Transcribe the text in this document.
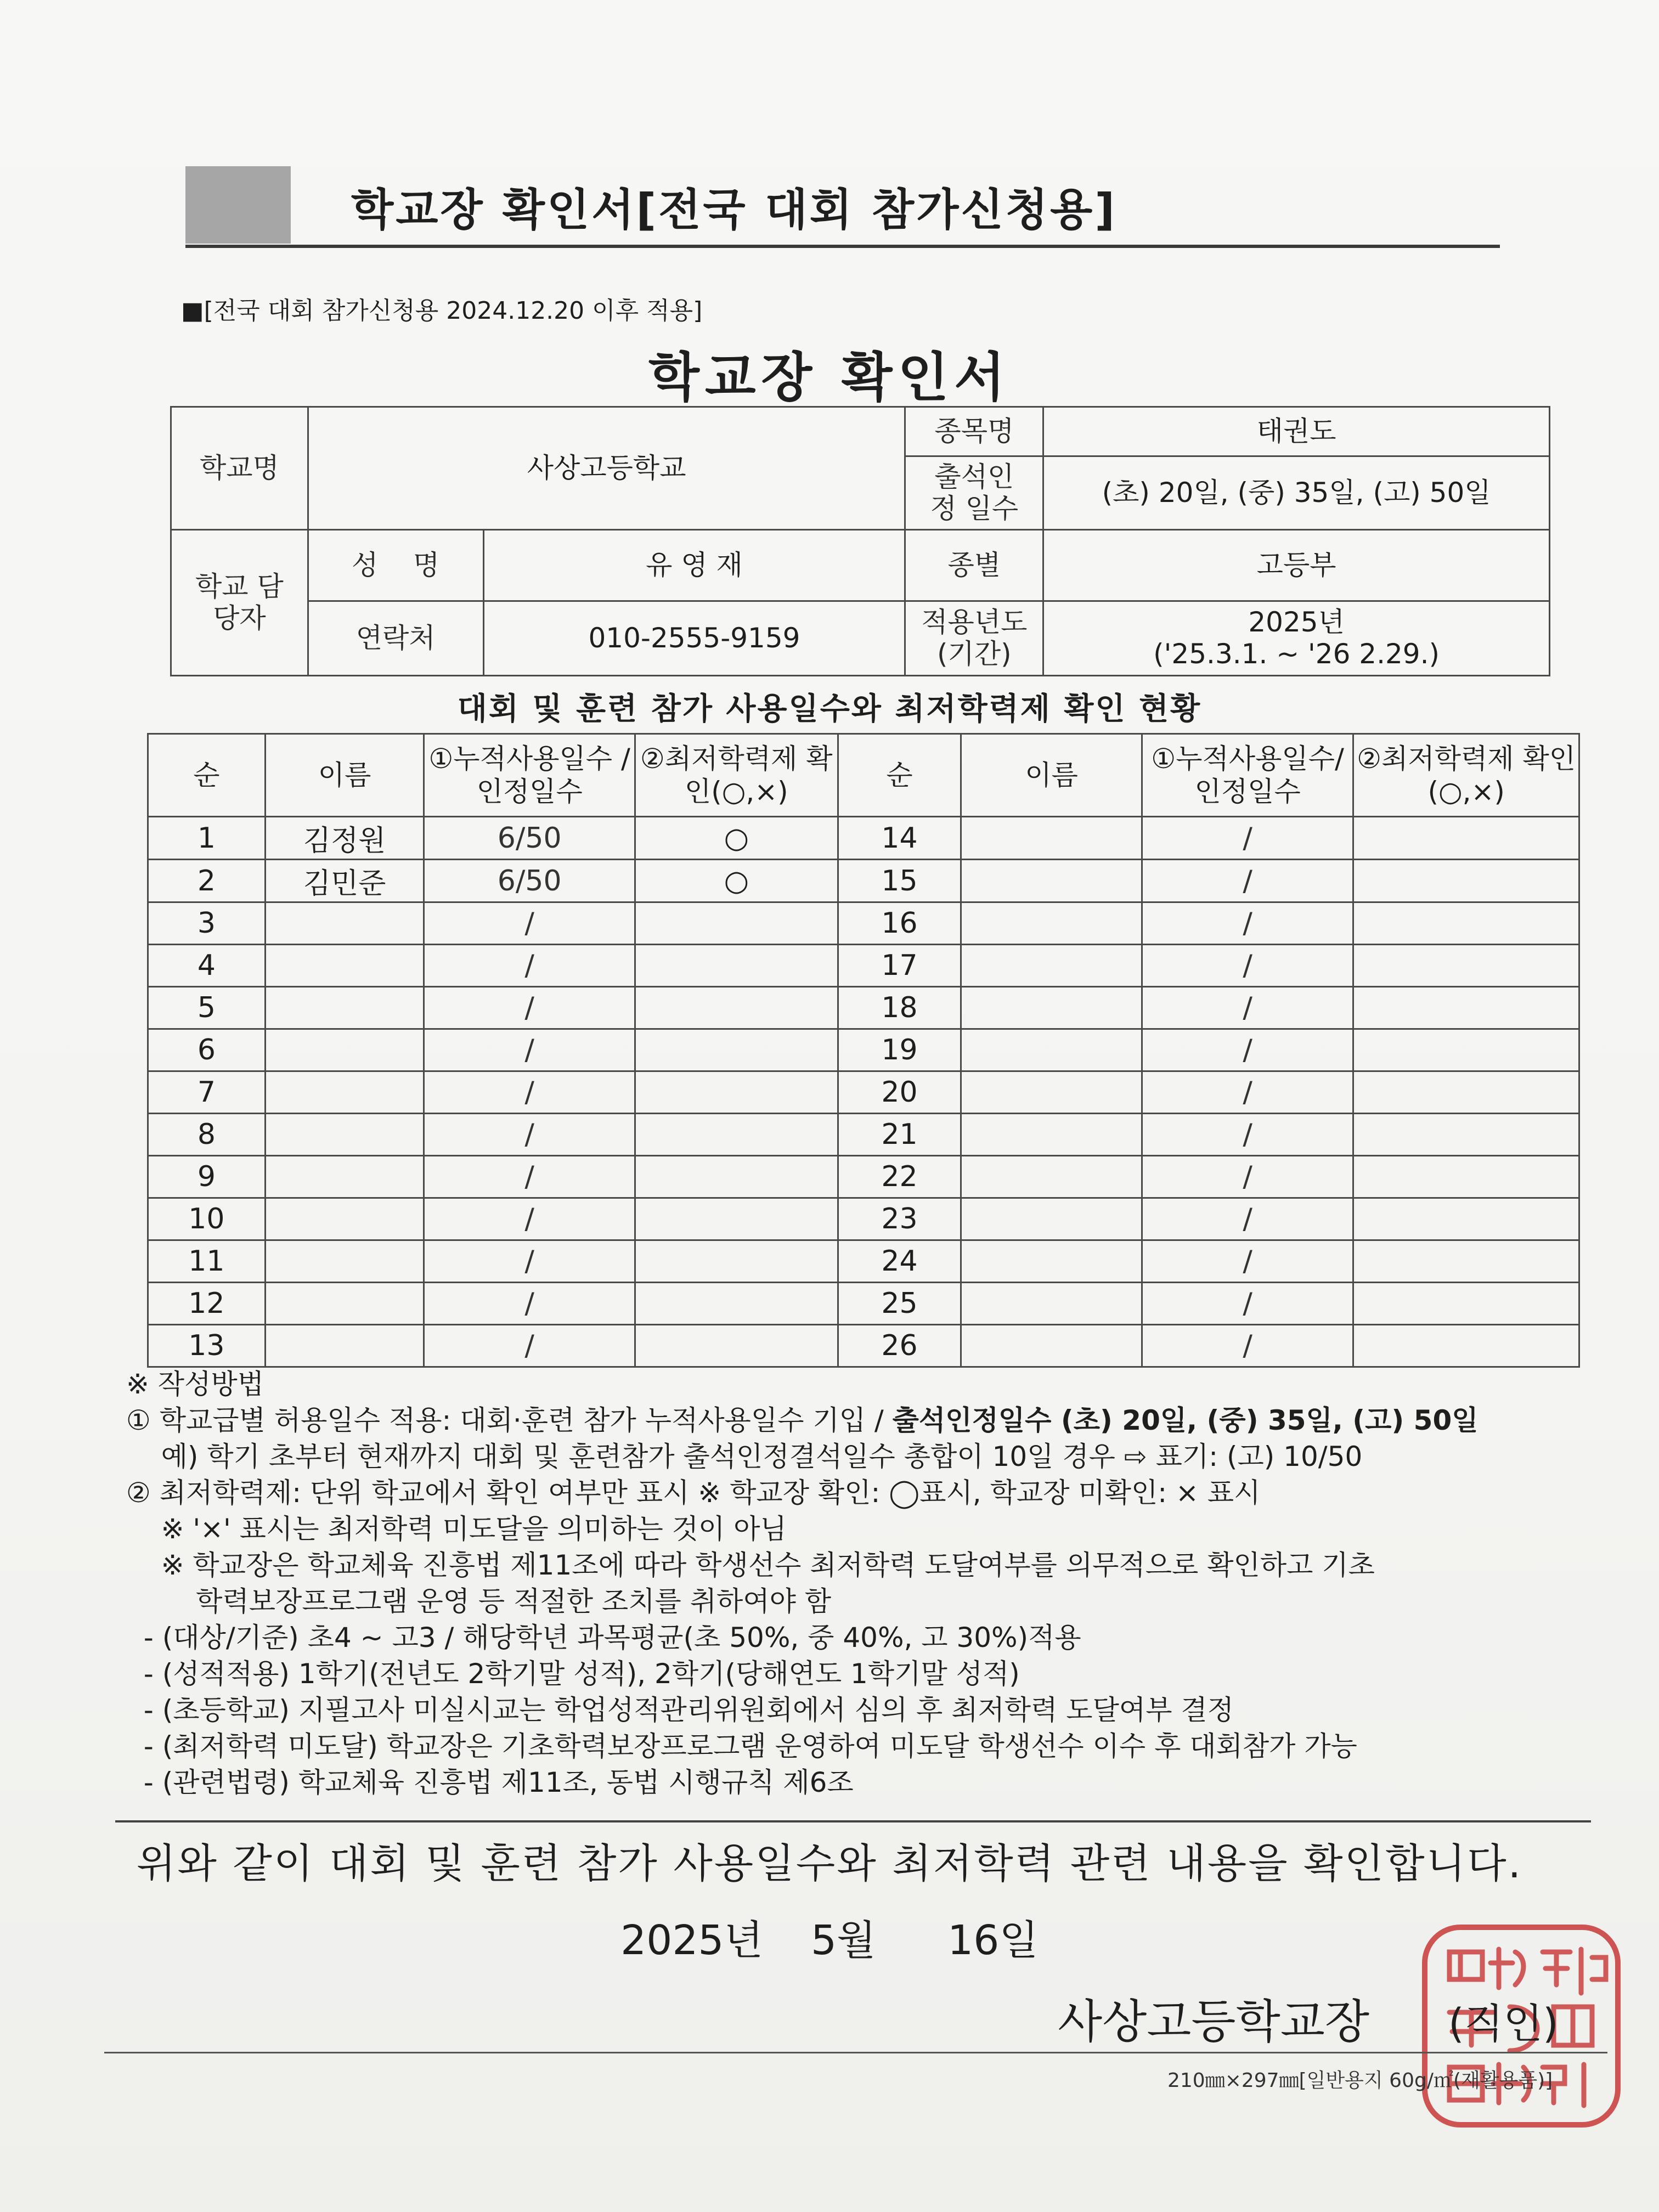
학교장 확인서[전국 대회 참가신청용]
■[전국 대회 참가신청용 2024.12.20 이후 적용]
학교장 확인서
학교명	사상고등학교		종목명	태권도
			출석인정 일수	(초) 20일, (중) 35일, (고) 50일
학교 담당자	성    명	유 영 재	종별	고등부
	연락처	010-2555-9159	적용년도 (기간)	2025년
('25.3.1. ~ '26 2.29.)
대회 및 훈련 참가 사용일수와 최저학력제 확인 현황
순	이름	①누적사용일수 /인정일수	②최저학력제 확인(○,×)	순	이름	①누적사용일수/ 인정일수	②최저학력제 확인(○,×)
1	김정원	6/50	○	14		/	
2	김민준	6/50	○	15		/	
3		/		16		/	
4		/		17		/	
5		/		18		/	
6		/		19		/	
7		/		20		/	
8		/		21		/	
9		/		22		/	
10		/		23		/	
11		/		24		/	
12		/		25		/	
13		/		26		/	
※ 작성방법
① 학교급별 허용일수 적용: 대회·훈련 참가 누적사용일수 기입 / 출석인정일수 (초) 20일, (중) 35일, (고) 50일
예) 학기 초부터 현재까지 대회 및 훈련참가 출석인정결석일수 총합이 10일 경우 ⇨ 표기: (고) 10/50
② 최저학력제: 단위 학교에서 확인 여부만 표시 ※ 학교장 확인: ◯표시, 학교장 미확인: × 표시
※ '×' 표시는 최저학력 미도달을 의미하는 것이 아님
※ 학교장은 학교체육 진흥법 제11조에 따라 학생선수 최저학력 도달여부를 의무적으로 확인하고 기초
학력보장프로그램 운영 등 적절한 조치를 취하여야 함
- (대상/기준) 초4 ~ 고3 / 해당학년 과목평균(초 50%, 중 40%, 고 30%)적용
- (성적적용) 1학기(전년도 2학기말 성적), 2학기(당해연도 1학기말 성적)
- (초등학교) 지필고사 미실시교는 학업성적관리위원회에서 심의 후 최저학력 도달여부 결정
- (최저학력 미도달) 학교장은 기초학력보장프로그램 운영하여 미도달 학생선수 이수 후 대회참가 가능
- (관련법령) 학교체육 진흥법 제11조, 동법 시행규칙 제6조
위와 같이 대회 및 훈련 참가 사용일수와 최저학력 관련 내용을 확인합니다.
2025년  5월   16일
사상고등학교장 (직인)
210㎜×297㎜[일반용지 60g/㎡(재활용품)]
